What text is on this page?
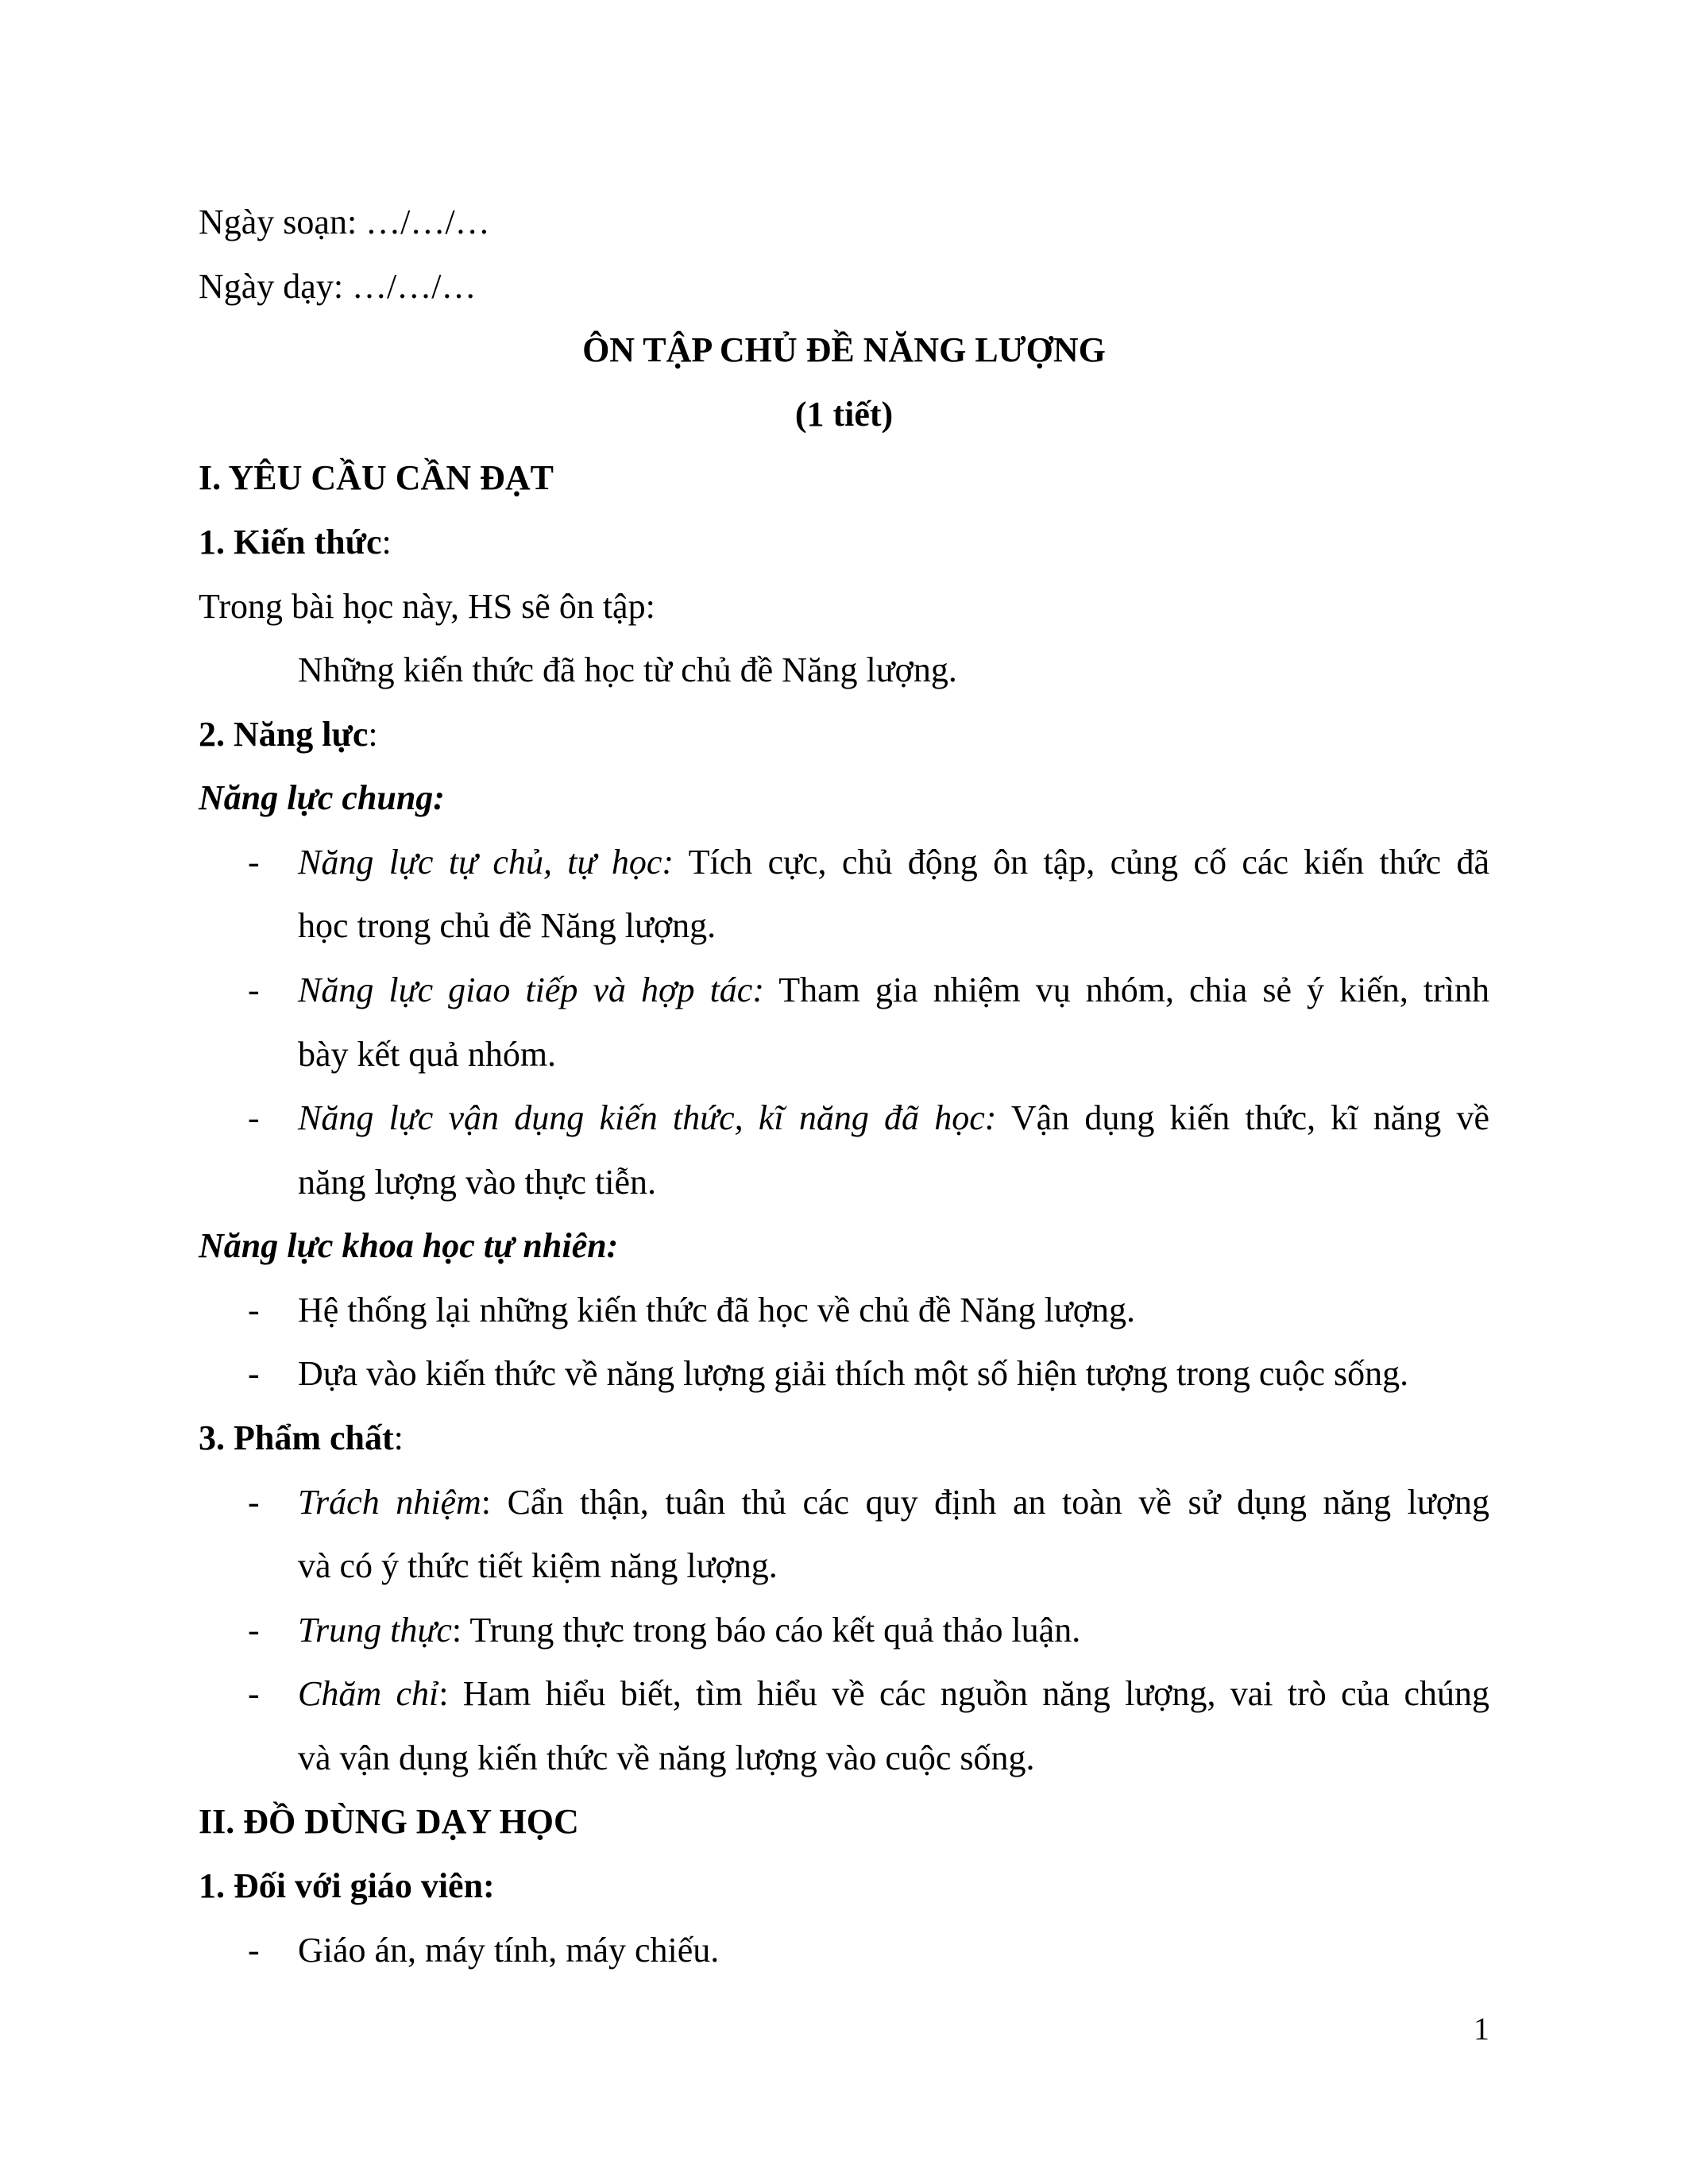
Ngày soạn: …/…/…
Ngày dạy: …/…/…
ÔN TẬP CHỦ ĐỀ NĂNG LƯỢNG
(1 tiết)
I. YÊU CẦU CẦN ĐẠT
1. Kiến thức:
Trong bài học này, HS sẽ ôn tập:
Những kiến thức đã học từ chủ đề Năng lượng.
2. Năng lực:
Năng lực chung:
- Năng lực tự chủ, tự học: Tích cực, chủ động ôn tập, củng cố các kiến thức đã
học trong chủ đề Năng lượng.
- Năng lực giao tiếp và hợp tác: Tham gia nhiệm vụ nhóm, chia sẻ ý kiến, trình
bày kết quả nhóm.
- Năng lực vận dụng kiến thức, kĩ năng đã học: Vận dụng kiến thức, kĩ năng về
năng lượng vào thực tiễn.
Năng lực khoa học tự nhiên:
- Hệ thống lại những kiến thức đã học về chủ đề Năng lượng.
- Dựa vào kiến thức về năng lượng giải thích một số hiện tượng trong cuộc sống.
3. Phẩm chất:
- Trách nhiệm: Cẩn thận, tuân thủ các quy định an toàn về sử dụng năng lượng
và có ý thức tiết kiệm năng lượng.
- Trung thực: Trung thực trong báo cáo kết quả thảo luận.
- Chăm chỉ: Ham hiểu biết, tìm hiểu về các nguồn năng lượng, vai trò của chúng
và vận dụng kiến thức về năng lượng vào cuộc sống.
II. ĐỒ DÙNG DẠY HỌC
1. Đối với giáo viên:
- Giáo án, máy tính, máy chiếu.
1
